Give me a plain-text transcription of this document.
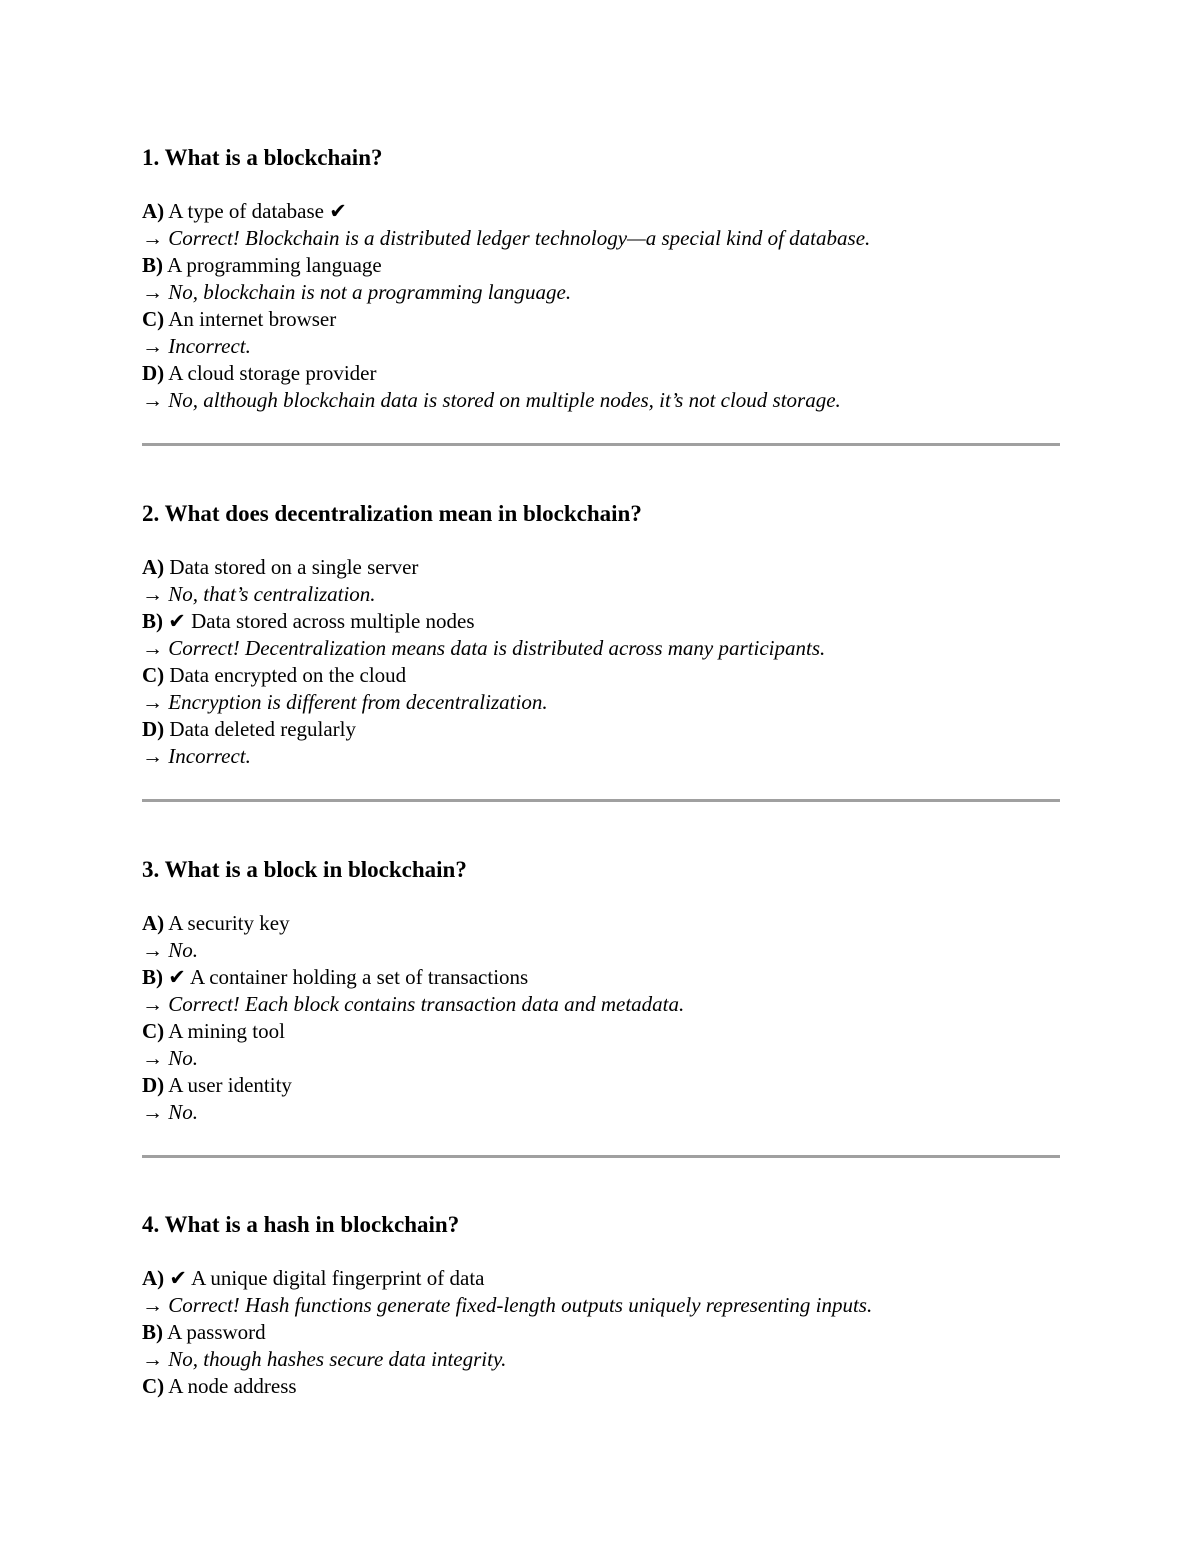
1. What is a blockchain?
A) A type of database ✔
→ Correct! Blockchain is a distributed ledger technology—a special kind of database.
B) A programming language
→ No, blockchain is not a programming language.
C) An internet browser
→ Incorrect.
D) A cloud storage provider
→ No, although blockchain data is stored on multiple nodes, it’s not cloud storage.
2. What does decentralization mean in blockchain?
A) Data stored on a single server
→ No, that’s centralization.
B) ✔ Data stored across multiple nodes
→ Correct! Decentralization means data is distributed across many participants.
C) Data encrypted on the cloud
→ Encryption is different from decentralization.
D) Data deleted regularly
→ Incorrect.
3. What is a block in blockchain?
A) A security key
→ No.
B) ✔ A container holding a set of transactions
→ Correct! Each block contains transaction data and metadata.
C) A mining tool
→ No.
D) A user identity
→ No.
4. What is a hash in blockchain?
A) ✔ A unique digital fingerprint of data
→ Correct! Hash functions generate fixed-length outputs uniquely representing inputs.
B) A password
→ No, though hashes secure data integrity.
C) A node address
